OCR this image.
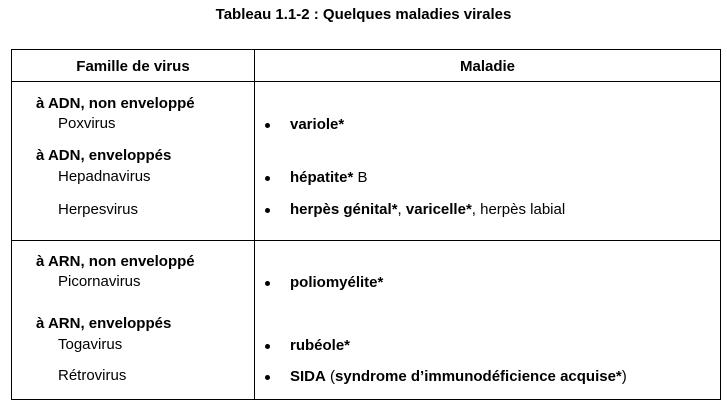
Tableau 1.1-2 : Quelques maladies virales
Famille de virus	Maladie
à ADN, non enveloppé
Poxvirus
à ADN, enveloppés
Hepadnavirus
Herpesvirus
à ARN, non enveloppé
Picornavirus
à ARN, enveloppés
Togavirus
Rétrovirus
variole*
hépatite* B
herpès génital*, varicelle*, herpès labial
poliomyélite*
rubéole*
SIDA (syndrome d’immunodéficience acquise*)
